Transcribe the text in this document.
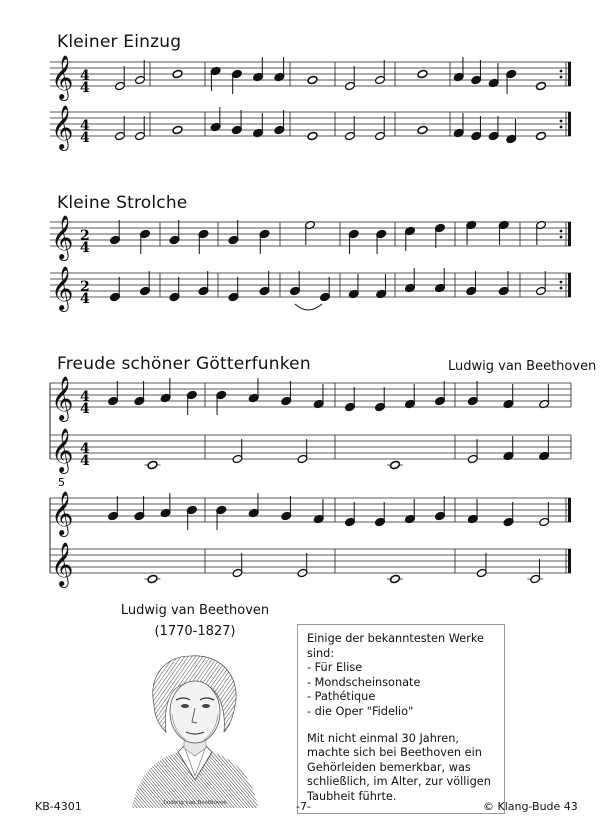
Kleiner Einzug
Kleine Strolche
Freude schöner Götterfunken	Ludwig van Beethoven
𝄞
𝄞
𝄞
𝄞
𝄞
𝄞
𝄞
𝄞
4
4
4
4
2
4
2
4
4
4
4
4
5
Ludwig van Beethoven
(1770-1827)
Ludwig van Beethoven

Einige der bekanntesten Werke sind:

- Für Elise
- Mondscheinsonate
- Pathétique
- die Oper "Fidelio"

Mit nicht einmal 30 Jahren, machte sich bei Beethoven ein Gehörleiden bemerkbar, was schließlich, im Alter, zur völligen Taubheit führte.

KB-4301	-7-	© Klang-Bude 43
